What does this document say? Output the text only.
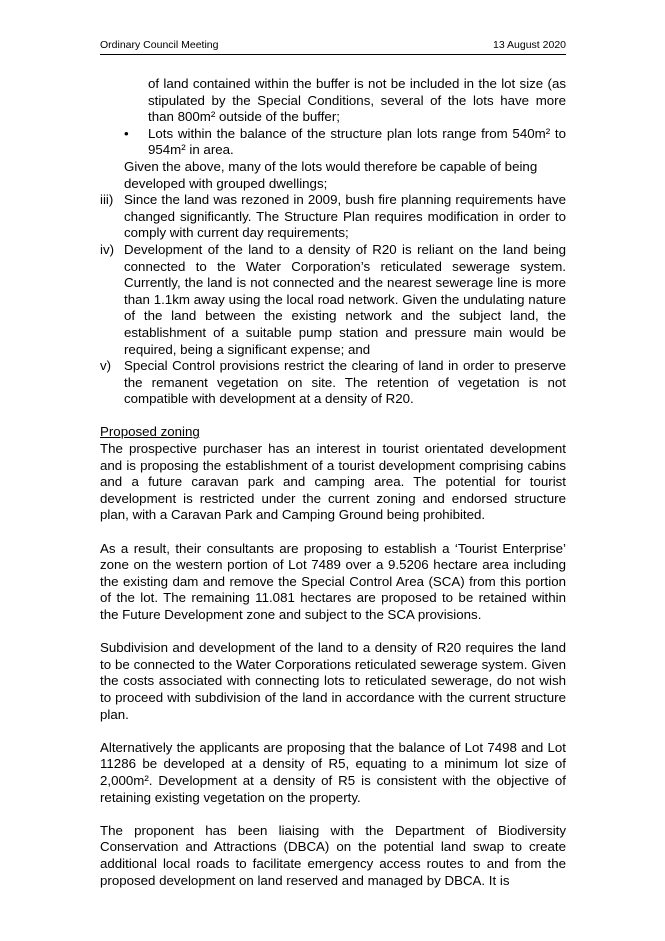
Ordinary Council Meeting	13 August 2020

of land contained within the buffer is not be included in the lot size (as stipulated by the Special Conditions, several of the lots have more than 800m² outside of the buffer;

• Lots within the balance of the structure plan lots range from 540m² to 954m² in area.

Given the above, many of the lots would therefore be capable of being developed with grouped dwellings;

iii) Since the land was rezoned in 2009, bush fire planning requirements have changed significantly. The Structure Plan requires modification in order to comply with current day requirements;
iv) Development of the land to a density of R20 is reliant on the land being connected to the Water Corporation’s reticulated sewerage system. Currently, the land is not connected and the nearest sewerage line is more than 1.1km away using the local road network. Given the undulating nature of the land between the existing network and the subject land, the establishment of a suitable pump station and pressure main would be required, being a significant expense; and
v) Special Control provisions restrict the clearing of land in order to preserve the remanent vegetation on site. The retention of vegetation is not compatible with development at a density of R20.

Proposed zoning

The prospective purchaser has an interest in tourist orientated development and is proposing the establishment of a tourist development comprising cabins and a future caravan park and camping area. The potential for tourist development is restricted under the current zoning and endorsed structure plan, with a Caravan Park and Camping Ground being prohibited.

As a result, their consultants are proposing to establish a ‘Tourist Enterprise’ zone on the western portion of Lot 7489 over a 9.5206 hectare area including the existing dam and remove the Special Control Area (SCA) from this portion of the lot. The remaining 11.081 hectares are proposed to be retained within the Future Development zone and subject to the SCA provisions.

Subdivision and development of the land to a density of R20 requires the land to be connected to the Water Corporations reticulated sewerage system. Given the costs associated with connecting lots to reticulated sewerage, do not wish to proceed with subdivision of the land in accordance with the current structure plan.

Alternatively the applicants are proposing that the balance of Lot 7498 and Lot 11286 be developed at a density of R5, equating to a minimum lot size of 2,000m². Development at a density of R5 is consistent with the objective of retaining existing vegetation on the property.

The proponent has been liaising with the Department of Biodiversity Conservation and Attractions (DBCA) on the potential land swap to create additional local roads to facilitate emergency access routes to and from the proposed development on land reserved and managed by DBCA. It is
